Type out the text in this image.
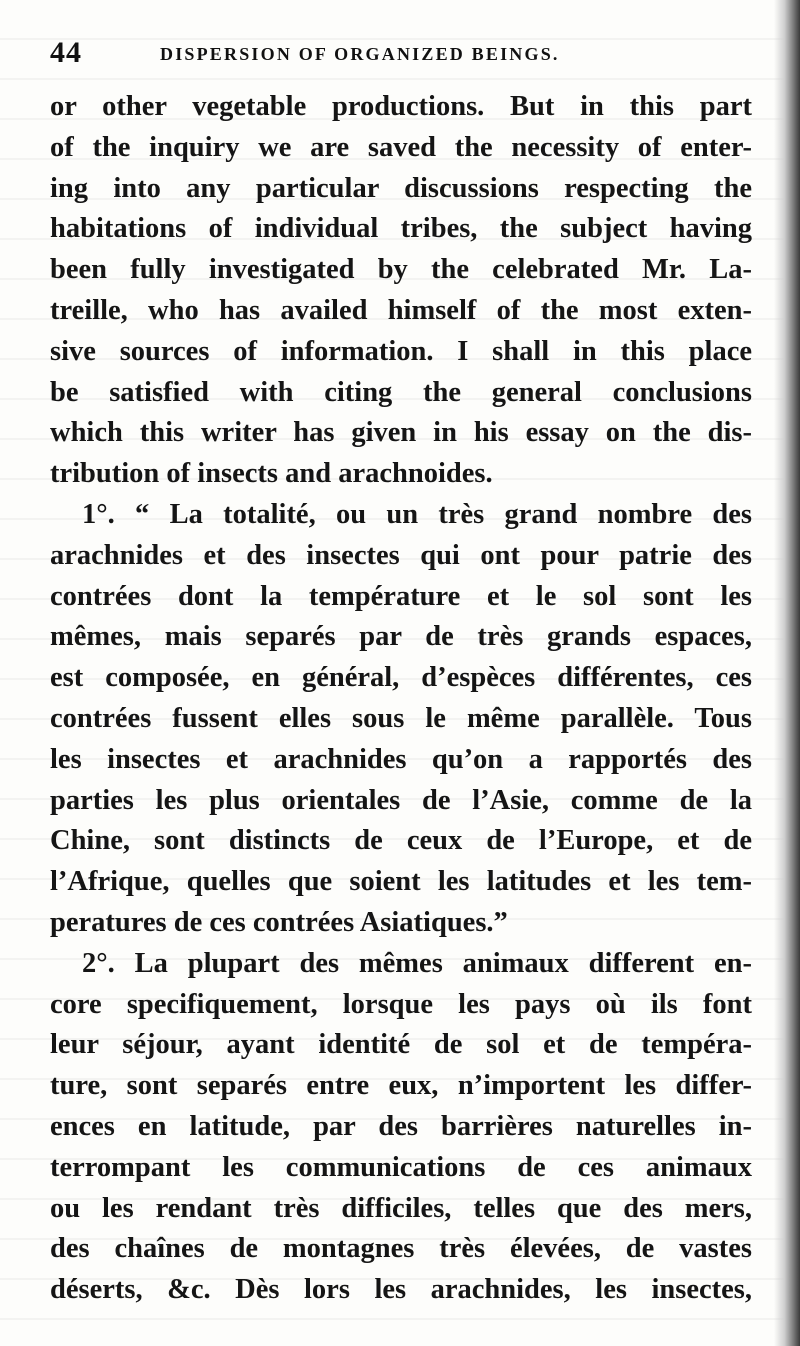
44	DISPERSION OF ORGANIZED BEINGS.
or other vegetable productions. But in this part
of the inquiry we are saved the necessity of enter-
ing into any particular discussions respecting the
habitations of individual tribes, the subject having
been fully investigated by the celebrated Mr. La-
treille, who has availed himself of the most exten-
sive sources of information. I shall in this place
be satisfied with citing the general conclusions
which this writer has given in his essay on the dis-
tribution of insects and arachnoides.
1°. “ La totalité, ou un très grand nombre des
arachnides et des insectes qui ont pour patrie des
contrées dont la température et le sol sont les
mêmes, mais separés par de très grands espaces,
est composée, en général, d’espèces différentes, ces
contrées fussent elles sous le même parallèle. Tous
les insectes et arachnides qu’on a rapportés des
parties les plus orientales de l’Asie, comme de la
Chine, sont distincts de ceux de l’Europe, et de
l’Afrique, quelles que soient les latitudes et les tem-
peratures de ces contrées Asiatiques.”
2°. La plupart des mêmes animaux different en-
core specifiquement, lorsque les pays où ils font
leur séjour, ayant identité de sol et de tempéra-
ture, sont separés entre eux, n’importent les differ-
ences en latitude, par des barrières naturelles in-
terrompant les communications de ces animaux
ou les rendant très difficiles, telles que des mers,
des chaînes de montagnes très élevées, de vastes
déserts, &c. Dès lors les arachnides, les insectes,
